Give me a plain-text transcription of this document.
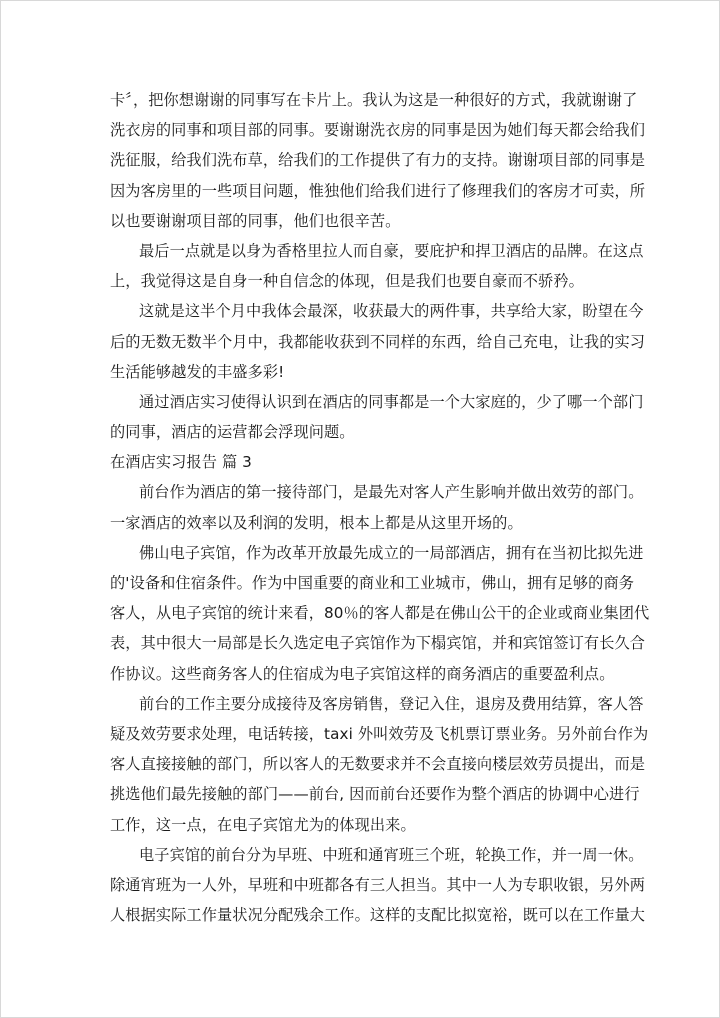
卡〞，把你想谢谢的同事写在卡片上。我认为这是一种很好的方式，我就谢谢了
洗衣房的同事和项目部的同事。要谢谢洗衣房的同事是因为她们每天都会给我们
洗征服，给我们洗布草，给我们的工作提供了有力的支持。谢谢项目部的同事是
因为客房里的一些项目问题，惟独他们给我们进行了修理我们的客房才可卖，所
以也要谢谢项目部的同事，他们也很辛苦。
最后一点就是以身为香格里拉人而自豪，要庇护和捍卫酒店的品牌。在这点
上，我觉得这是自身一种自信念的体现，但是我们也要自豪而不骄矜。
这就是这半个月中我体会最深，收获最大的两件事，共享给大家，盼望在今
后的无数无数半个月中，我都能收获到不同样的东西，给自己充电，让我的实习
生活能够越发的丰盛多彩!
通过酒店实习使得认识到在酒店的同事都是一个大家庭的，少了哪一个部门
的同事，酒店的运营都会浮现问题。
在酒店实习报告 篇 3
前台作为酒店的第一接待部门，是最先对客人产生影响并做出效劳的部门。
一家酒店的效率以及利润的发明，根本上都是从这里开场的。
佛山电子宾馆，作为改革开放最先成立的一局部酒店，拥有在当初比拟先进
的'设备和住宿条件。作为中国重要的商业和工业城市，佛山，拥有足够的商务
客人，从电子宾馆的统计来看，80％的客人都是在佛山公干的企业或商业集团代
表，其中很大一局部是长久选定电子宾馆作为下榻宾馆，并和宾馆签订有长久合
作协议。这些商务客人的住宿成为电子宾馆这样的商务酒店的重要盈利点。
前台的工作主要分成接待及客房销售，登记入住，退房及费用结算，客人答
疑及效劳要求处理，电话转接，taxi 外叫效劳及飞机票订票业务。另外前台作为
客人直接接触的部门，所以客人的无数要求并不会直接向楼层效劳员提出，而是
挑选他们最先接触的部门——前台, 因而前台还要作为整个酒店的协调中心进行
工作，这一点，在电子宾馆尤为的体现出来。
电子宾馆的前台分为早班、中班和通宵班三个班，轮换工作，并一周一休。
除通宵班为一人外，早班和中班都各有三人担当。其中一人为专职收银，另外两
人根据实际工作量状况分配残余工作。这样的支配比拟宽裕，既可以在工作量大
